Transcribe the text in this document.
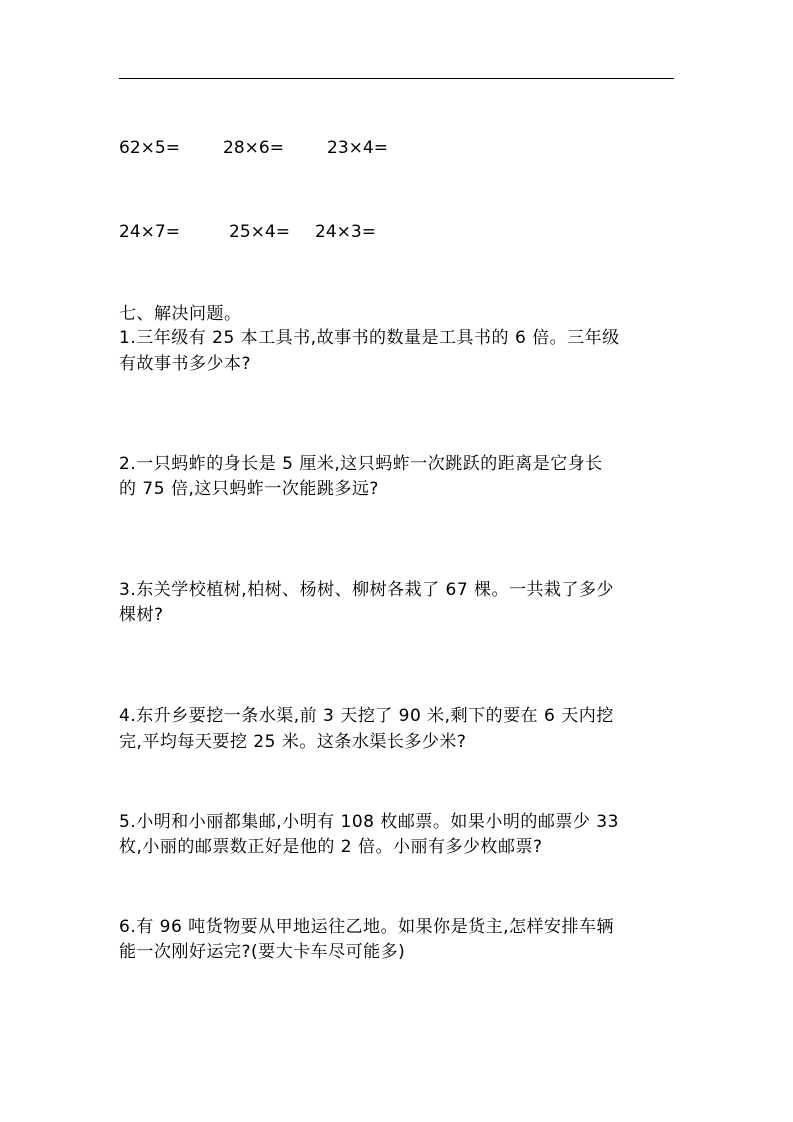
62×5=	28×6=	23×4=
24×7=	25×4= 24×3=
七、解决问题。
1.三年级有 25 本工具书,故事书的数量是工具书的 6 倍。三年级
有故事书多少本?
2.一只蚂蚱的身长是 5 厘米,这只蚂蚱一次跳跃的距离是它身长
的 75 倍,这只蚂蚱一次能跳多远?
3.东关学校植树,柏树、杨树、柳树各栽了 67 棵。一共栽了多少
棵树?
4.东升乡要挖一条水渠,前 3 天挖了 90 米,剩下的要在 6 天内挖
完,平均每天要挖 25 米。这条水渠长多少米?
5.小明和小丽都集邮,小明有 108 枚邮票。如果小明的邮票少 33
枚,小丽的邮票数正好是他的 2 倍。小丽有多少枚邮票?
6.有 96 吨货物要从甲地运往乙地。如果你是货主,怎样安排车辆
能一次刚好运完?(要大卡车尽可能多)
